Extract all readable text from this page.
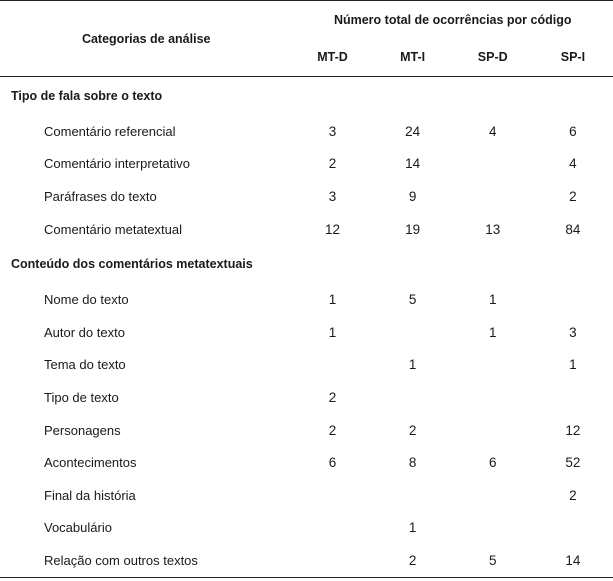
Categorias de análise	Número total de ocorrências por código			
	MT-D	MT-I	SP-D	SP-I
Tipo de fala sobre o texto				
Comentário referencial	3	24	4	6
Comentário interpretativo	2	14		4
Paráfrases do texto	3	9		2
Comentário metatextual	12	19	13	84
Conteúdo dos comentários metatextuais				
Nome do texto	1	5	1	
Autor do texto	1		1	3
Tema do texto		1		1
Tipo de texto	2			
Personagens	2	2		12
Acontecimentos	6	8	6	52
Final da história				2
Vocabulário		1		
Relação com outros textos		2	5	14
